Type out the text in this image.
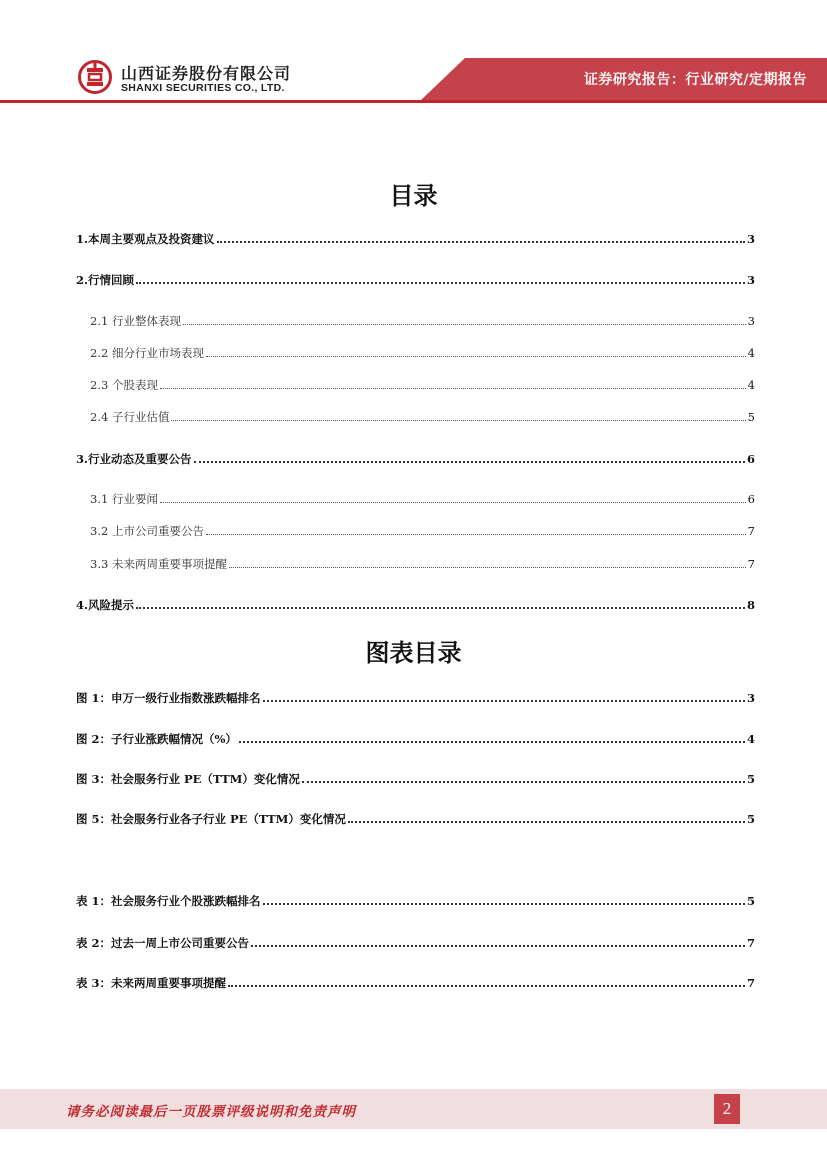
山西证券股份有限公司
SHANXI SECURITIES CO., LTD.	证券研究报告：行业研究/定期报告
目录
1.本周主要观点及投资建议	3
2.行情回顾	3
2.1 行业整体表现	3
2.2 细分行业市场表现	4
2.3 个股表现	4
2.4 子行业估值	5
3.行业动态及重要公告	6
3.1 行业要闻	6
3.2 上市公司重要公告	7
3.3 未来两周重要事项提醒	7
4.风险提示	8
图表目录
图 1：申万一级行业指数涨跌幅排名	3
图 2：子行业涨跌幅情况（%）	4
图 3：社会服务行业 PE（TTM）变化情况	5
图 5：社会服务行业各子行业 PE（TTM）变化情况	5
表 1：社会服务行业个股涨跌幅排名	5
表 2：过去一周上市公司重要公告	7
表 3：未来两周重要事项提醒	7
请务必阅读最后一页股票评级说明和免责声明	2
